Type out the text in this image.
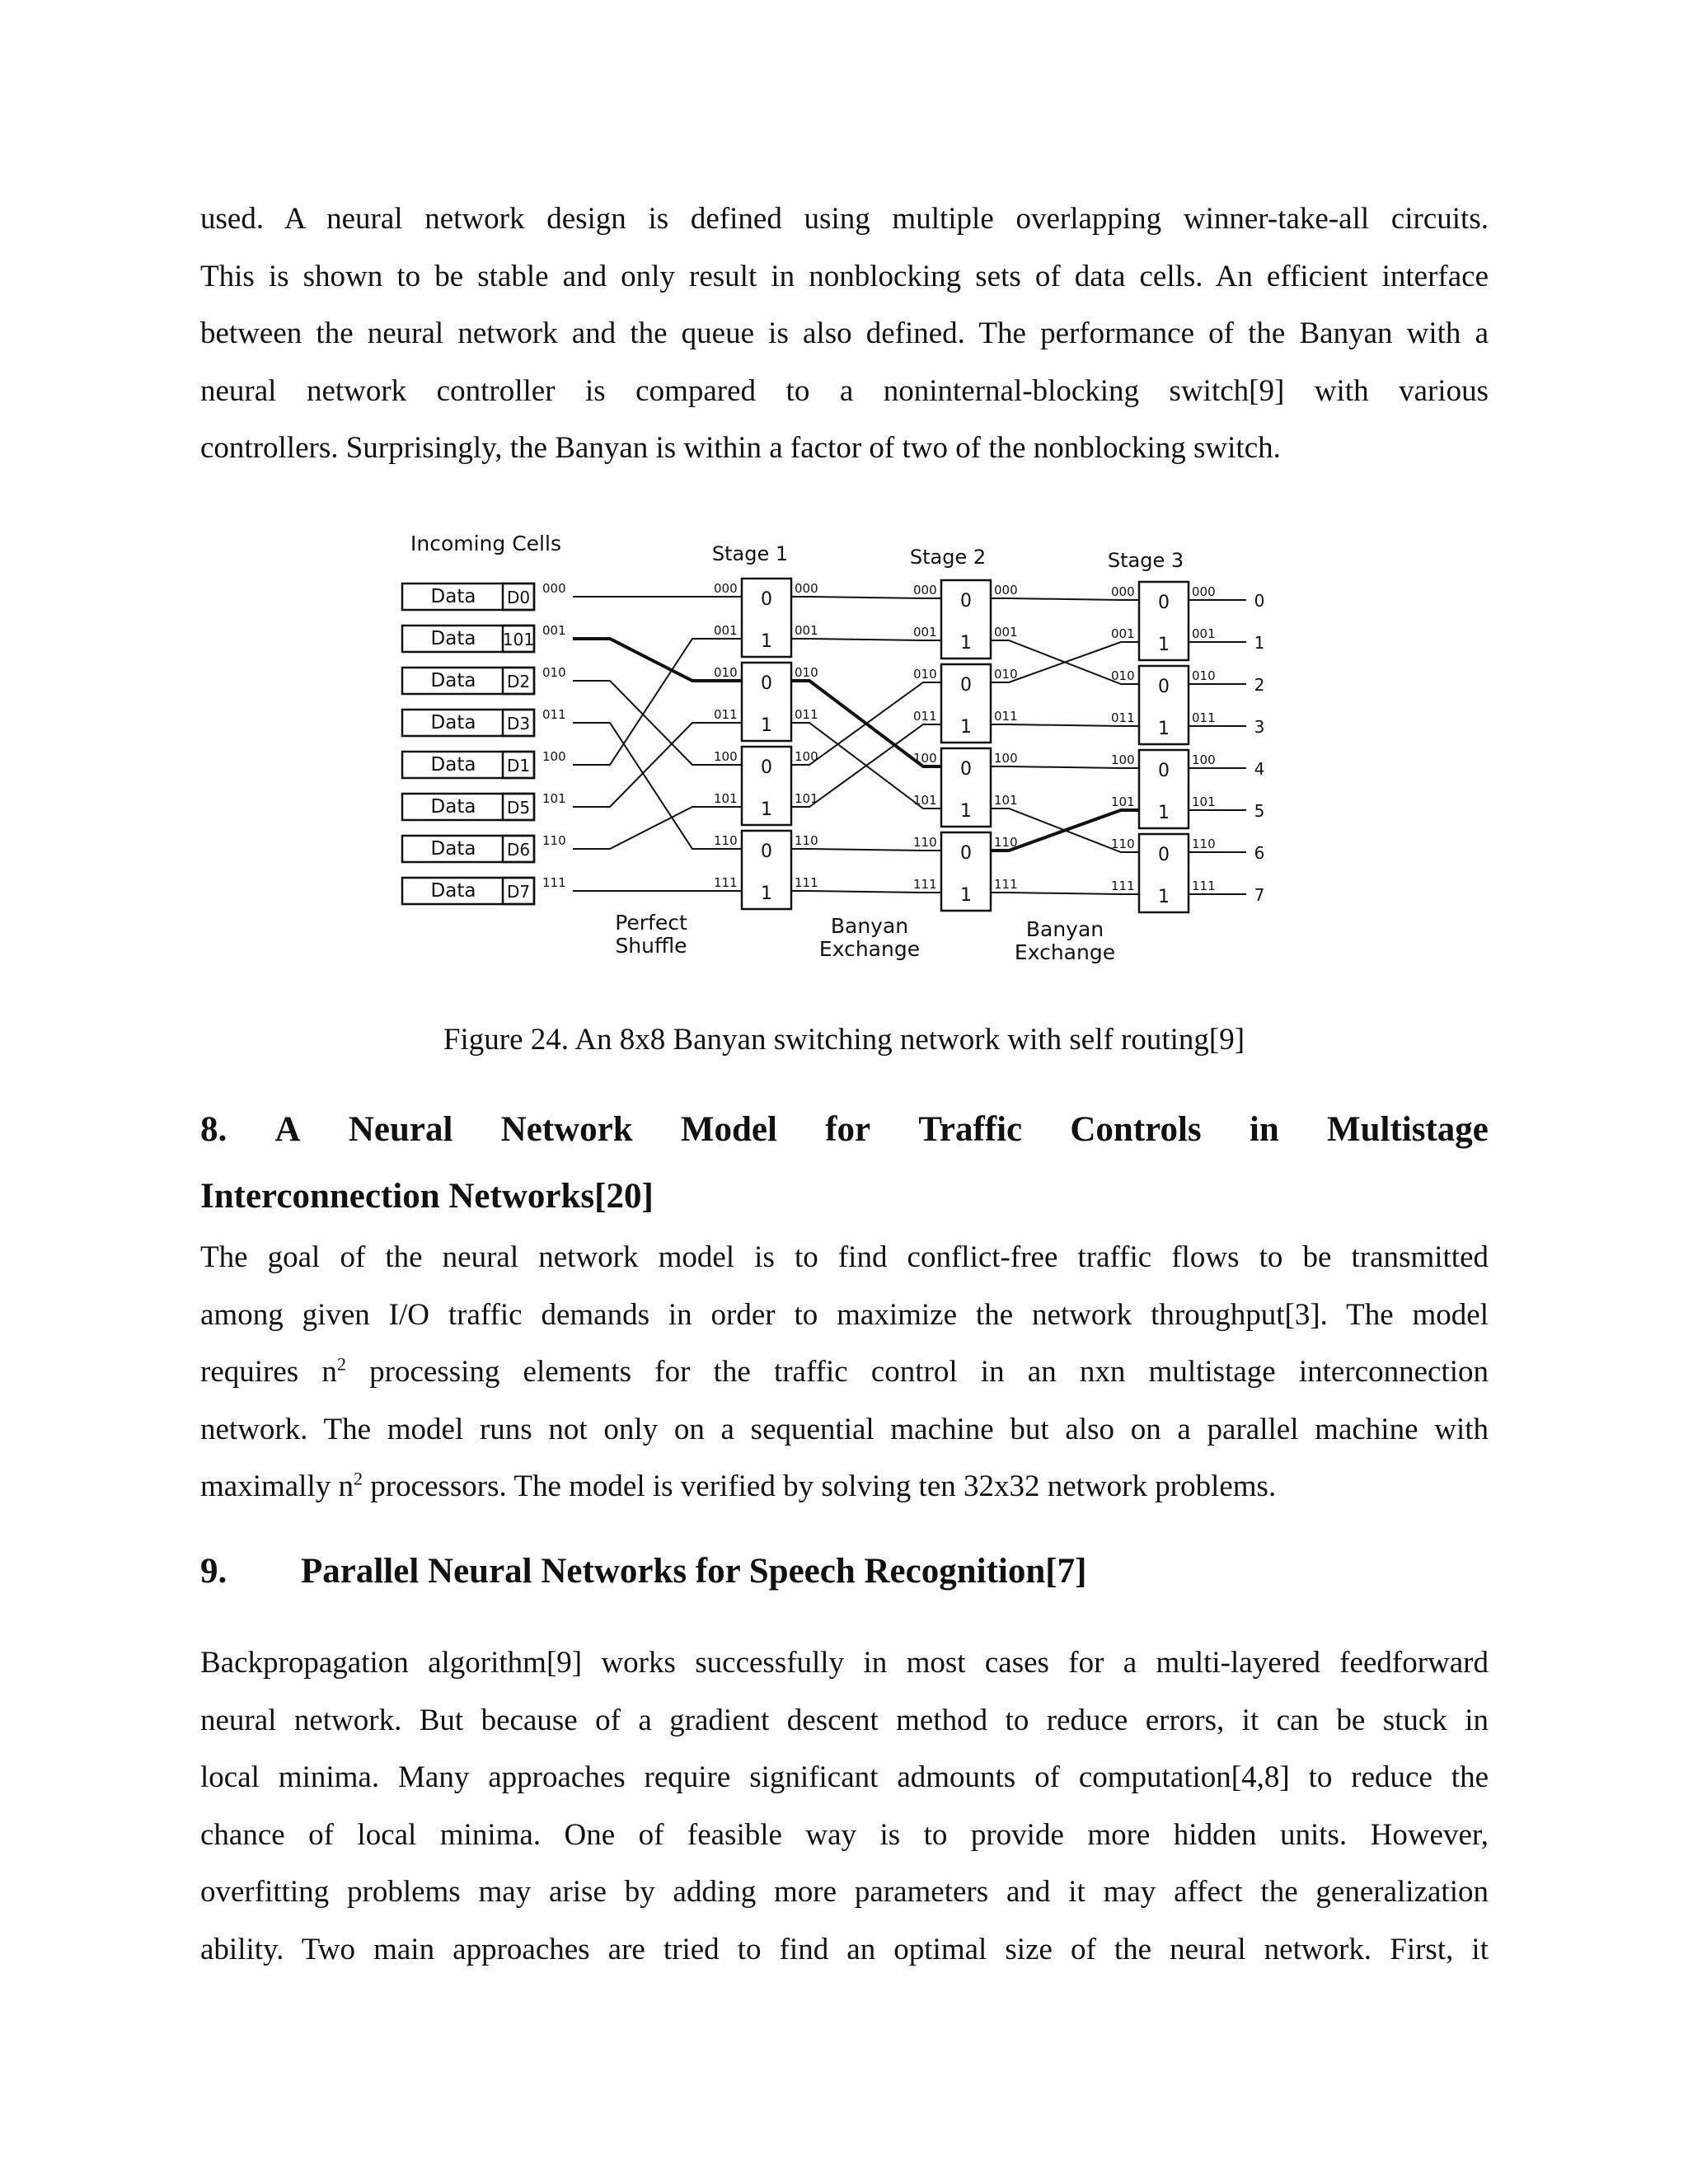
used. A neural network design is defined using multiple overlapping winner-take-all circuits.
This is shown to be stable and only result in nonblocking sets of data cells. An efficient interface
between the neural network and the queue is also defined. The performance of the Banyan with a
neural network controller is compared to a noninternal-blocking switch[9] with various
controllers. Surprisingly, the Banyan is within a factor of two of the nonblocking switch.
Incoming Cells
Data D0 000
Data 101 001
Data D2 010
Data D3 011
Data D1 100
Data D5 101
Data D6 110
Data D7 111
Stage 1	Stage 2	Stage 3
0
1
0
1
0
1
0
1
0
1
0
1
0
1
0
1
0
1
0
1
0
1
0
1
000	000
001	001
010	010
011	011
100	100
101	101
110	110
111	111
000	000
001	001
010	010
011	011
100	100
101	101
110	110
111	111
000	000
001	001
010	010
011	011
100	100
101	101
110	110
111	111
0
1
2
3
4
5
6
7
Perfect
Shuffle
Banyan
Exchange
Banyan
Exchange
Figure 24. An 8x8 Banyan switching network with self routing[9]
8. A Neural Network Model for Traffic Controls in Multistage
Interconnection Networks[20]
The goal of the neural network model is to find conflict-free traffic flows to be transmitted
among given I/O traffic demands in order to maximize the network throughput[3]. The model
requires $n^2$ processing elements for the traffic control in an nxn multistage interconnection
network. The model runs not only on a sequential machine but also on a parallel machine with
maximally $n^2$ processors. The model is verified by solving ten 32x32 network problems.
9.	Parallel Neural Networks for Speech Recognition[7]
Backpropagation algorithm[9] works successfully in most cases for a multi-layered feedforward
neural network. But because of a gradient descent method to reduce errors, it can be stuck in
local minima. Many approaches require significant admounts of computation[4,8] to reduce the
chance of local minima. One of feasible way is to provide more hidden units. However,
overfitting problems may arise by adding more parameters and it may affect the generalization
ability. Two main approaches are tried to find an optimal size of the neural network. First, it
